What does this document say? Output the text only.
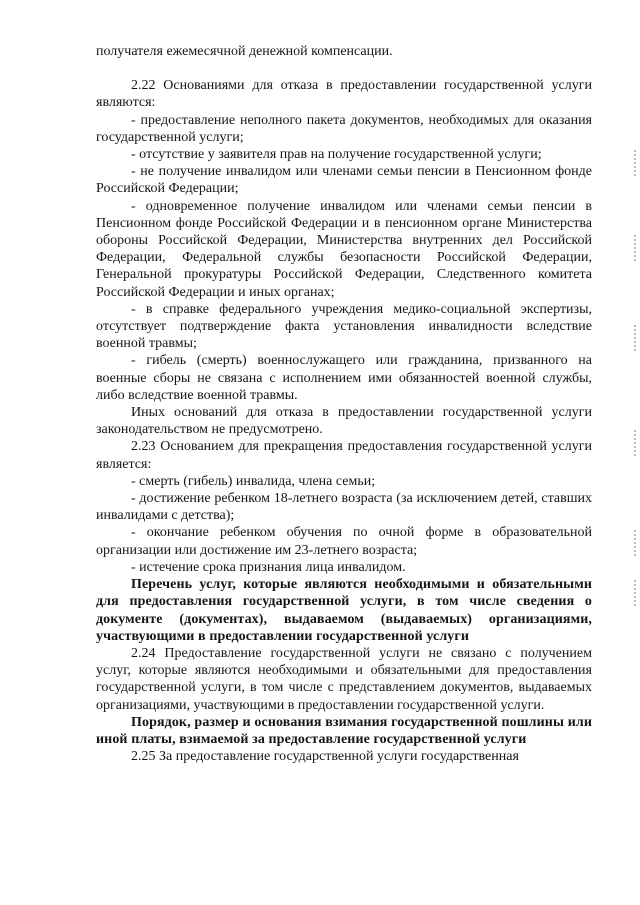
получателя ежемесячной денежной компенсации.

2.22 Основаниями для отказа в предоставлении государственной услуги являются:

- предоставление неполного пакета документов, необходимых для оказания государственной услуги;

- отсутствие у заявителя прав на получение государственной услуги;

- не получение инвалидом или членами семьи пенсии в Пенсионном фонде Российской Федерации;

- одновременное получение инвалидом или членами семьи пенсии в Пенсионном фонде Российской Федерации и в пенсионном органе Министерства обороны Российской Федерации, Министерства внутренних дел Российской Федерации, Федеральной службы безопасности Российской Федерации, Генеральной прокуратуры Российской Федерации, Следственного комитета Российской Федерации и иных органах;

- в справке федерального учреждения медико-социальной экспертизы, отсутствует подтверждение факта установления инвалидности вследствие военной травмы;

- гибель (смерть) военнослужащего или гражданина, призванного на военные сборы не связана с исполнением ими обязанностей военной службы, либо вследствие военной травмы.

Иных оснований для отказа в предоставлении государственной услуги законодательством не предусмотрено.

2.23 Основанием для прекращения предоставления государственной услуги является:

- смерть (гибель) инвалида, члена семьи;

- достижение ребенком 18-летнего возраста (за исключением детей, ставших инвалидами с детства);

- окончание ребенком обучения по очной форме в образовательной организации или достижение им 23-летнего возраста;

- истечение срока признания лица инвалидом.

Перечень услуг, которые являются необходимыми и обязательными для предоставления государственной услуги, в том числе сведения о документе (документах), выдаваемом (выдаваемых) организациями, участвующими в предоставлении государственной услуги

2.24 Предоставление государственной услуги не связано с получением услуг, которые являются необходимыми и обязательными для предоставления государственной услуги, в том числе с представлением документов, выдаваемых организациями, участвующими в предоставлении государственной услуги.

Порядок, размер и основания взимания государственной пошлины или иной платы, взимаемой за предоставление государственной услуги

2.25 За предоставление государственной услуги государственная
